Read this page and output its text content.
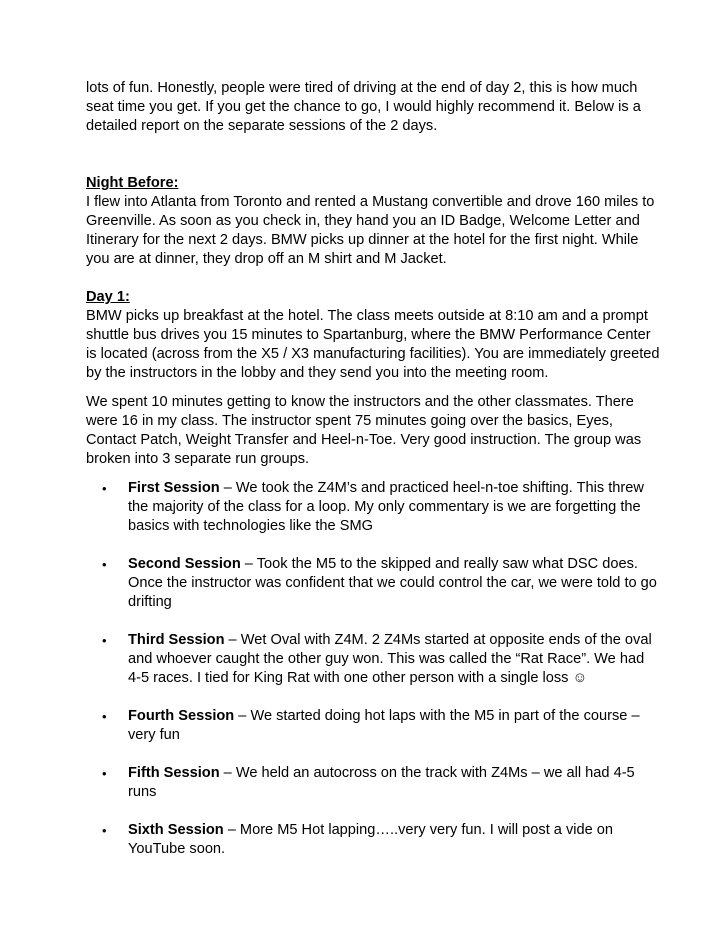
lots of fun. Honestly, people were tired of driving at the end of day 2, this is how much seat time you get. If you get the chance to go, I would highly recommend it. Below is a detailed report on the separate sessions of the 2 days.

Night Before:

I flew into Atlanta from Toronto and rented a Mustang convertible and drove 160 miles to Greenville. As soon as you check in, they hand you an ID Badge, Welcome Letter and Itinerary for the next 2 days. BMW picks up dinner at the hotel for the first night. While you are at dinner, they drop off an M shirt and M Jacket.

Day 1:

BMW picks up breakfast at the hotel. The class meets outside at 8:10 am and a prompt shuttle bus drives you 15 minutes to Spartanburg, where the BMW Performance Center is located (across from the X5 / X3 manufacturing facilities). You are immediately greeted by the instructors in the lobby and they send you into the meeting room.

We spent 10 minutes getting to know the instructors and the other classmates. There were 16 in my class. The instructor spent 75 minutes going over the basics, Eyes, Contact Patch, Weight Transfer and Heel-n-Toe. Very good instruction. The group was broken into 3 separate run groups.

• First Session – We took the Z4M’s and practiced heel-n-toe shifting. This threw the majority of the class for a loop. My only commentary is we are forgetting the basics with technologies like the SMG
• Second Session – Took the M5 to the skipped and really saw what DSC does. Once the instructor was confident that we could control the car, we were told to go drifting
• Third Session – Wet Oval with Z4M. 2 Z4Ms started at opposite ends of the oval and whoever caught the other guy won. This was called the “Rat Race”. We had 4-5 races. I tied for King Rat with one other person with a single loss ☺
• Fourth Session – We started doing hot laps with the M5 in part of the course – very fun
• Fifth Session – We held an autocross on the track with Z4Ms – we all had 4-5 runs
• Sixth Session – More M5 Hot lapping…..very very fun. I will post a vide on YouTube soon.
